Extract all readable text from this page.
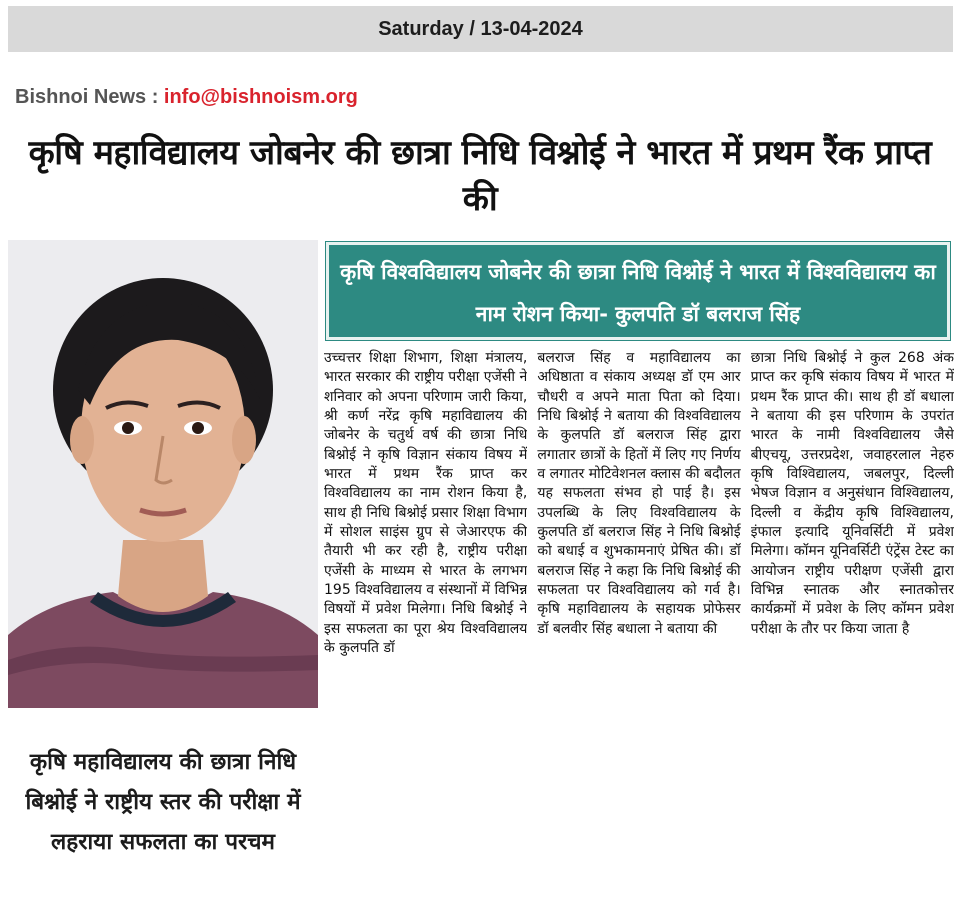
Saturday / 13-04-2024
Bishnoi News : info@bishnoism.org
कृषि महाविद्यालय जोबनेर की छात्रा निधि विश्नोई ने भारत में प्रथम रैंक प्राप्त की
कृषि महाविद्यालय की छात्रा निधि बिश्नोई ने राष्ट्रीय स्तर की परीक्षा में लहराया सफलता का परचम
कृषि विश्वविद्यालय जोबनेर की छात्रा निधि विश्नोई ने भारत में विश्वविद्यालय का नाम रोशन किया- कुलपति डॉ बलराज सिंह

उच्चत्तर शिक्षा शिभाग, शिक्षा मंत्रालय, भारत सरकार की राष्ट्रीय परीक्षा एजेंसी ने शनिवार को अपना परिणाम जारी किया, श्री कर्ण नरेंद्र कृषि महाविद्यालय की जोबनेर के चतुर्थ वर्ष की छात्रा निधि बिश्नोई ने कृषि विज्ञान संकाय विषय में भारत में प्रथम रैंक प्राप्त कर विश्वविद्यालय का नाम रोशन किया है, साथ ही निधि बिश्नोई प्रसार शिक्षा विभाग में सोशल साइंस ग्रुप से जेआरएफ की तैयारी भी कर रही है, राष्ट्रीय परीक्षा एजेंसी के माध्यम से भारत के लगभग 195 विश्वविद्यालय व संस्थानों में विभिन्न विषयों में प्रवेश मिलेगा। निधि बिश्नोई ने इस सफलता का पूरा श्रेय विश्वविद्यालय के कुलपति डॉ

बलराज सिंह व महाविद्यालय का अधिष्ठाता व संकाय अध्यक्ष डॉ एम आर चौधरी व अपने माता पिता को दिया। निधि बिश्नोई ने बताया की विश्वविद्यालय के कुलपति डॉ बलराज सिंह द्वारा लगातार छात्रों के हितों में लिए गए निर्णय व लगातर मोटिवेशनल क्लास की बदौलत यह सफलता संभव हो पाई है। इस उपलब्धि के लिए विश्वविद्यालय के कुलपति डॉ बलराज सिंह ने निधि बिश्नोई को बधाई व शुभकामनाएं प्रेषित की। डॉ बलराज सिंह ने कहा कि निधि बिश्नोई की सफलता पर विश्वविद्यालय को गर्व है। कृषि महाविद्यालय के सहायक प्रोफेसर डॉ बलवीर सिंह बधाला ने बताया की

छात्रा निधि बिश्नोई ने कुल 268 अंक प्राप्त कर कृषि संकाय विषय में भारत में प्रथम रैंक प्राप्त की। साथ ही डॉ बधाला ने बताया की इस परिणाम के उपरांत भारत के नामी विश्वविद्यालय जैसे बीएचयू, उत्तरप्रदेश, जवाहरलाल नेहरु कृषि विश्विद्यालय, जबलपुर, दिल्ली भेषज विज्ञान व अनुसंधान विश्विद्यालय, दिल्ली व केंद्रीय कृषि विश्विद्यालय, इंफाल इत्यादि यूनिवर्सिटी में प्रवेश मिलेगा। कॉमन यूनिवर्सिटी एंट्रेंस टेस्ट का आयोजन राष्ट्रीय परीक्षण एजेंसी द्वारा विभिन्न स्नातक और स्नातकोत्तर कार्यक्रमों में प्रवेश के लिए कॉमन प्रवेश परीक्षा के तौर पर किया जाता है
